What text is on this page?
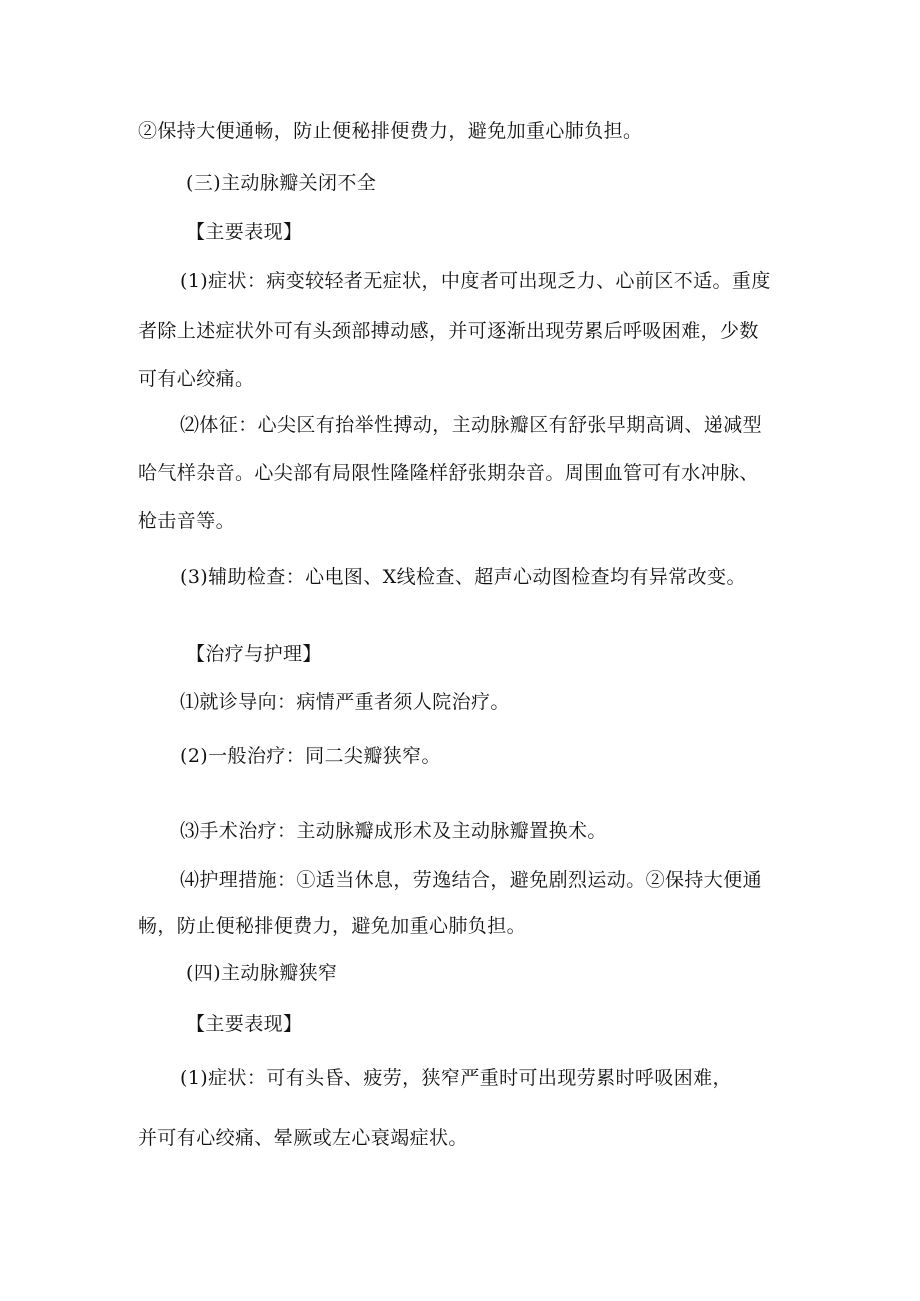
②保持大便通畅，防止便秘排便费力，避免加重心肺负担。

(三)主动脉瓣关闭不全

【主要表现】

(1)症状：病变较轻者无症状，中度者可出现乏力、心前区不适。重度

者除上述症状外可有头颈部搏动感，并可逐渐出现劳累后呼吸困难，少数

可有心绞痛。

⑵体征：心尖区有抬举性搏动，主动脉瓣区有舒张早期高调、递减型

哈气样杂音。心尖部有局限性隆隆样舒张期杂音。周围血管可有水冲脉、

枪击音等。

(3)辅助检查：心电图、X线检查、超声心动图检查均有异常改变。

【治疗与护理】

⑴就诊导向：病情严重者须人院治疗。

(2)一般治疗：同二尖瓣狭窄。

⑶手术治疗：主动脉瓣成形术及主动脉瓣置换术。

⑷护理措施：①适当休息，劳逸结合，避免剧烈运动。②保持大便通

畅，防止便秘排便费力，避免加重心肺负担。

(四)主动脉瓣狭窄

【主要表现】

(1)症状：可有头昏、疲劳，狭窄严重时可出现劳累时呼吸困难，

并可有心绞痛、晕厥或左心衰竭症状。
